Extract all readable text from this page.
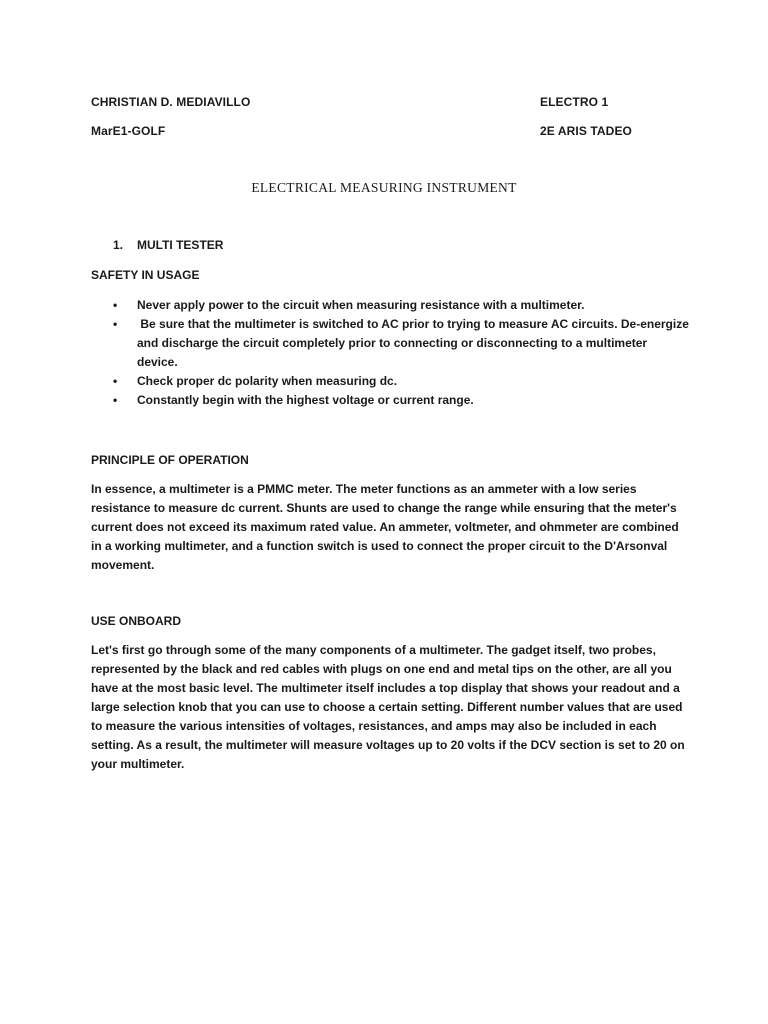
CHRISTIAN D. MEDIAVILLO	ELECTRO 1
MarE1-GOLF	2E ARIS TADEO
ELECTRICAL MEASURING INSTRUMENT
1. MULTI TESTER
SAFETY IN USAGE
• Never apply power to the circuit when measuring resistance with a multimeter.
• Be sure that the multimeter is switched to AC prior to trying to measure AC circuits. De-energize and discharge the circuit completely prior to connecting or disconnecting to a multimeter device.
• Check proper dc polarity when measuring dc.
• Constantly begin with the highest voltage or current range.
PRINCIPLE OF OPERATION

In essence, a multimeter is a PMMC meter. The meter functions as an ammeter with a low series resistance to measure dc current. Shunts are used to change the range while ensuring that the meter's current does not exceed its maximum rated value. An ammeter, voltmeter, and ohmmeter are combined in a working multimeter, and a function switch is used to connect the proper circuit to the D'Arsonval movement.

USE ONBOARD

Let's first go through some of the many components of a multimeter. The gadget itself, two probes, represented by the black and red cables with plugs on one end and metal tips on the other, are all you have at the most basic level. The multimeter itself includes a top display that shows your readout and a large selection knob that you can use to choose a certain setting. Different number values that are used to measure the various intensities of voltages, resistances, and amps may also be included in each setting. As a result, the multimeter will measure voltages up to 20 volts if the DCV section is set to 20 on your multimeter.
